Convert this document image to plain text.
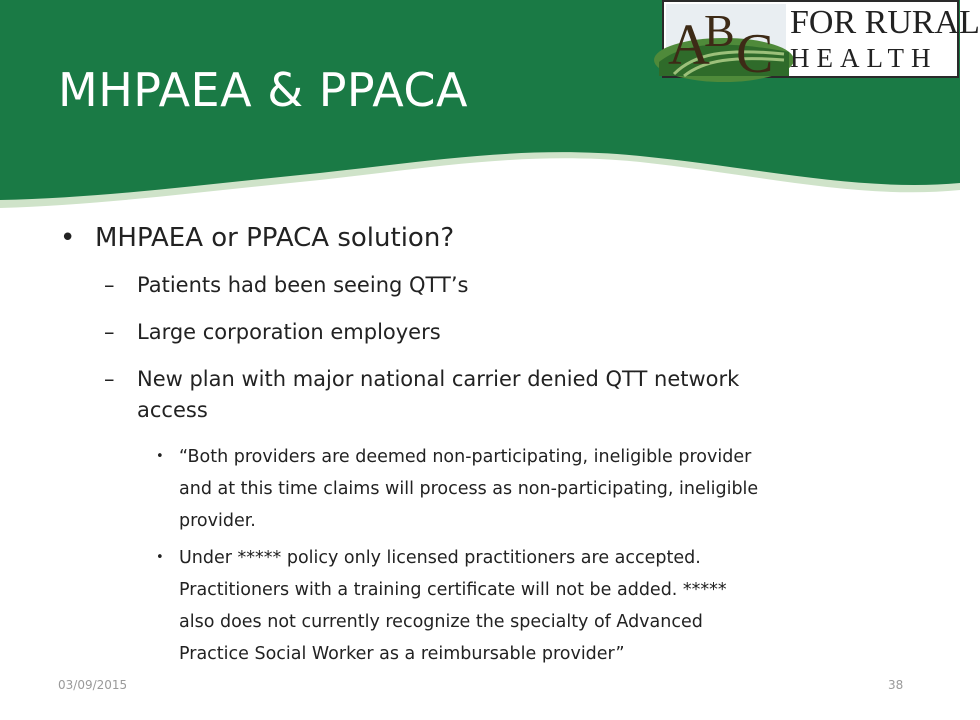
MHPAEA & PPACA
A
B C
FOR RURAL
HEALTH
• MHPAEA or PPACA solution?
– Patients had been seeing QTT’s
– Large corporation employers
– New plan with major national carrier denied QTT network
access
• “Both providers are deemed non-participating, ineligible provider
and at this time claims will process as non-participating, ineligible
provider.
• Under ***** policy only licensed practitioners are accepted.
Practitioners with a training certificate will not be added. *****
also does not currently recognize the specialty of Advanced
Practice Social Worker as a reimbursable provider”
03/09/2015	38
